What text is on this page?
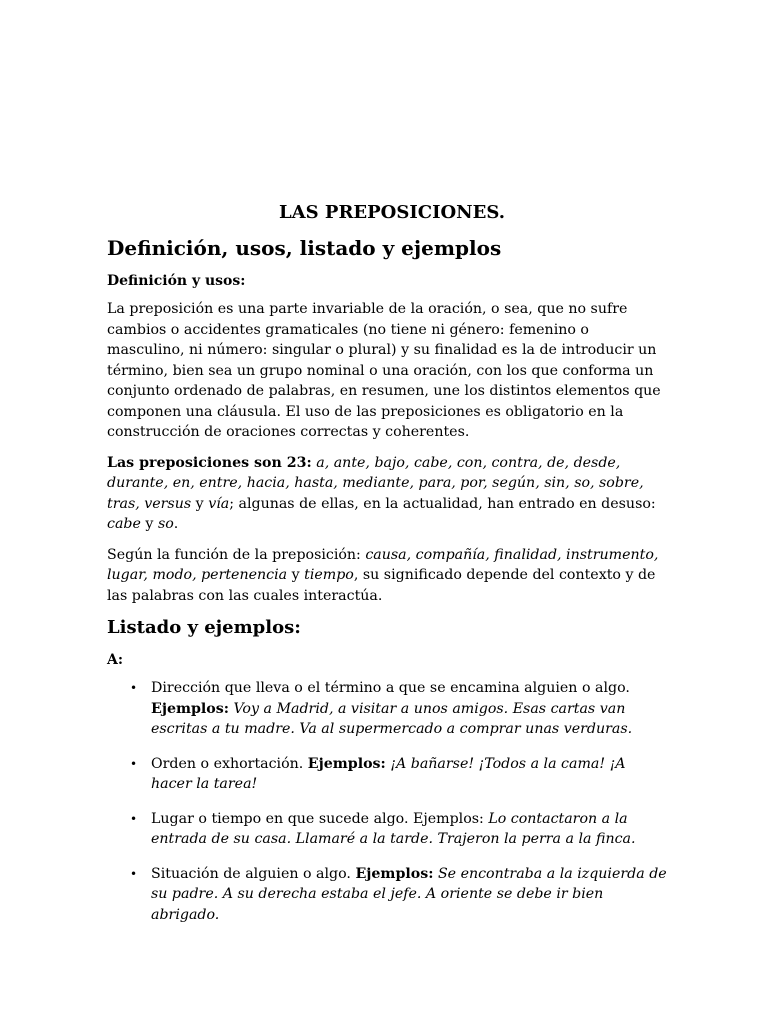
LAS PREPOSICIONES.
Definición, usos, listado y ejemplos
Definición y usos:

La preposición es una parte invariable de la oración, o sea, que no sufre cambios o accidentes gramaticales (no tiene ni género: femenino o masculino, ni número: singular o plural) y su finalidad es la de introducir un término, bien sea un grupo nominal o una oración, con los que conforma un conjunto ordenado de palabras, en resumen, une los distintos elementos que componen una cláusula. El uso de las preposiciones es obligatorio en la construcción de oraciones correctas y coherentes.

Las preposiciones son 23: a, ante, bajo, cabe, con, contra, de, desde, durante, en, entre, hacia, hasta, mediante, para, por, según, sin, so, sobre, tras, versus y vía; algunas de ellas, en la actualidad, han entrado en desuso: cabe y so.

Según la función de la preposición: causa, compañía, finalidad, instrumento, lugar, modo, pertenencia y tiempo, su significado depende del contexto y de las palabras con las cuales interactúa.

Listado y ejemplos:
A:
• Dirección que lleva o el término a que se encamina alguien o algo. Ejemplos: Voy a Madrid, a visitar a unos amigos. Esas cartas van escritas a tu madre. Va al supermercado a comprar unas verduras.
• Orden o exhortación. Ejemplos: ¡A bañarse! ¡Todos a la cama! ¡A hacer la tarea!
• Lugar o tiempo en que sucede algo. Ejemplos: Lo contactaron a la entrada de su casa. Llamaré a la tarde. Trajeron la perra a la finca.
• Situación de alguien o algo. Ejemplos: Se encontraba a la izquierda de su padre. A su derecha estaba el jefe. A oriente se debe ir bien abrigado.
